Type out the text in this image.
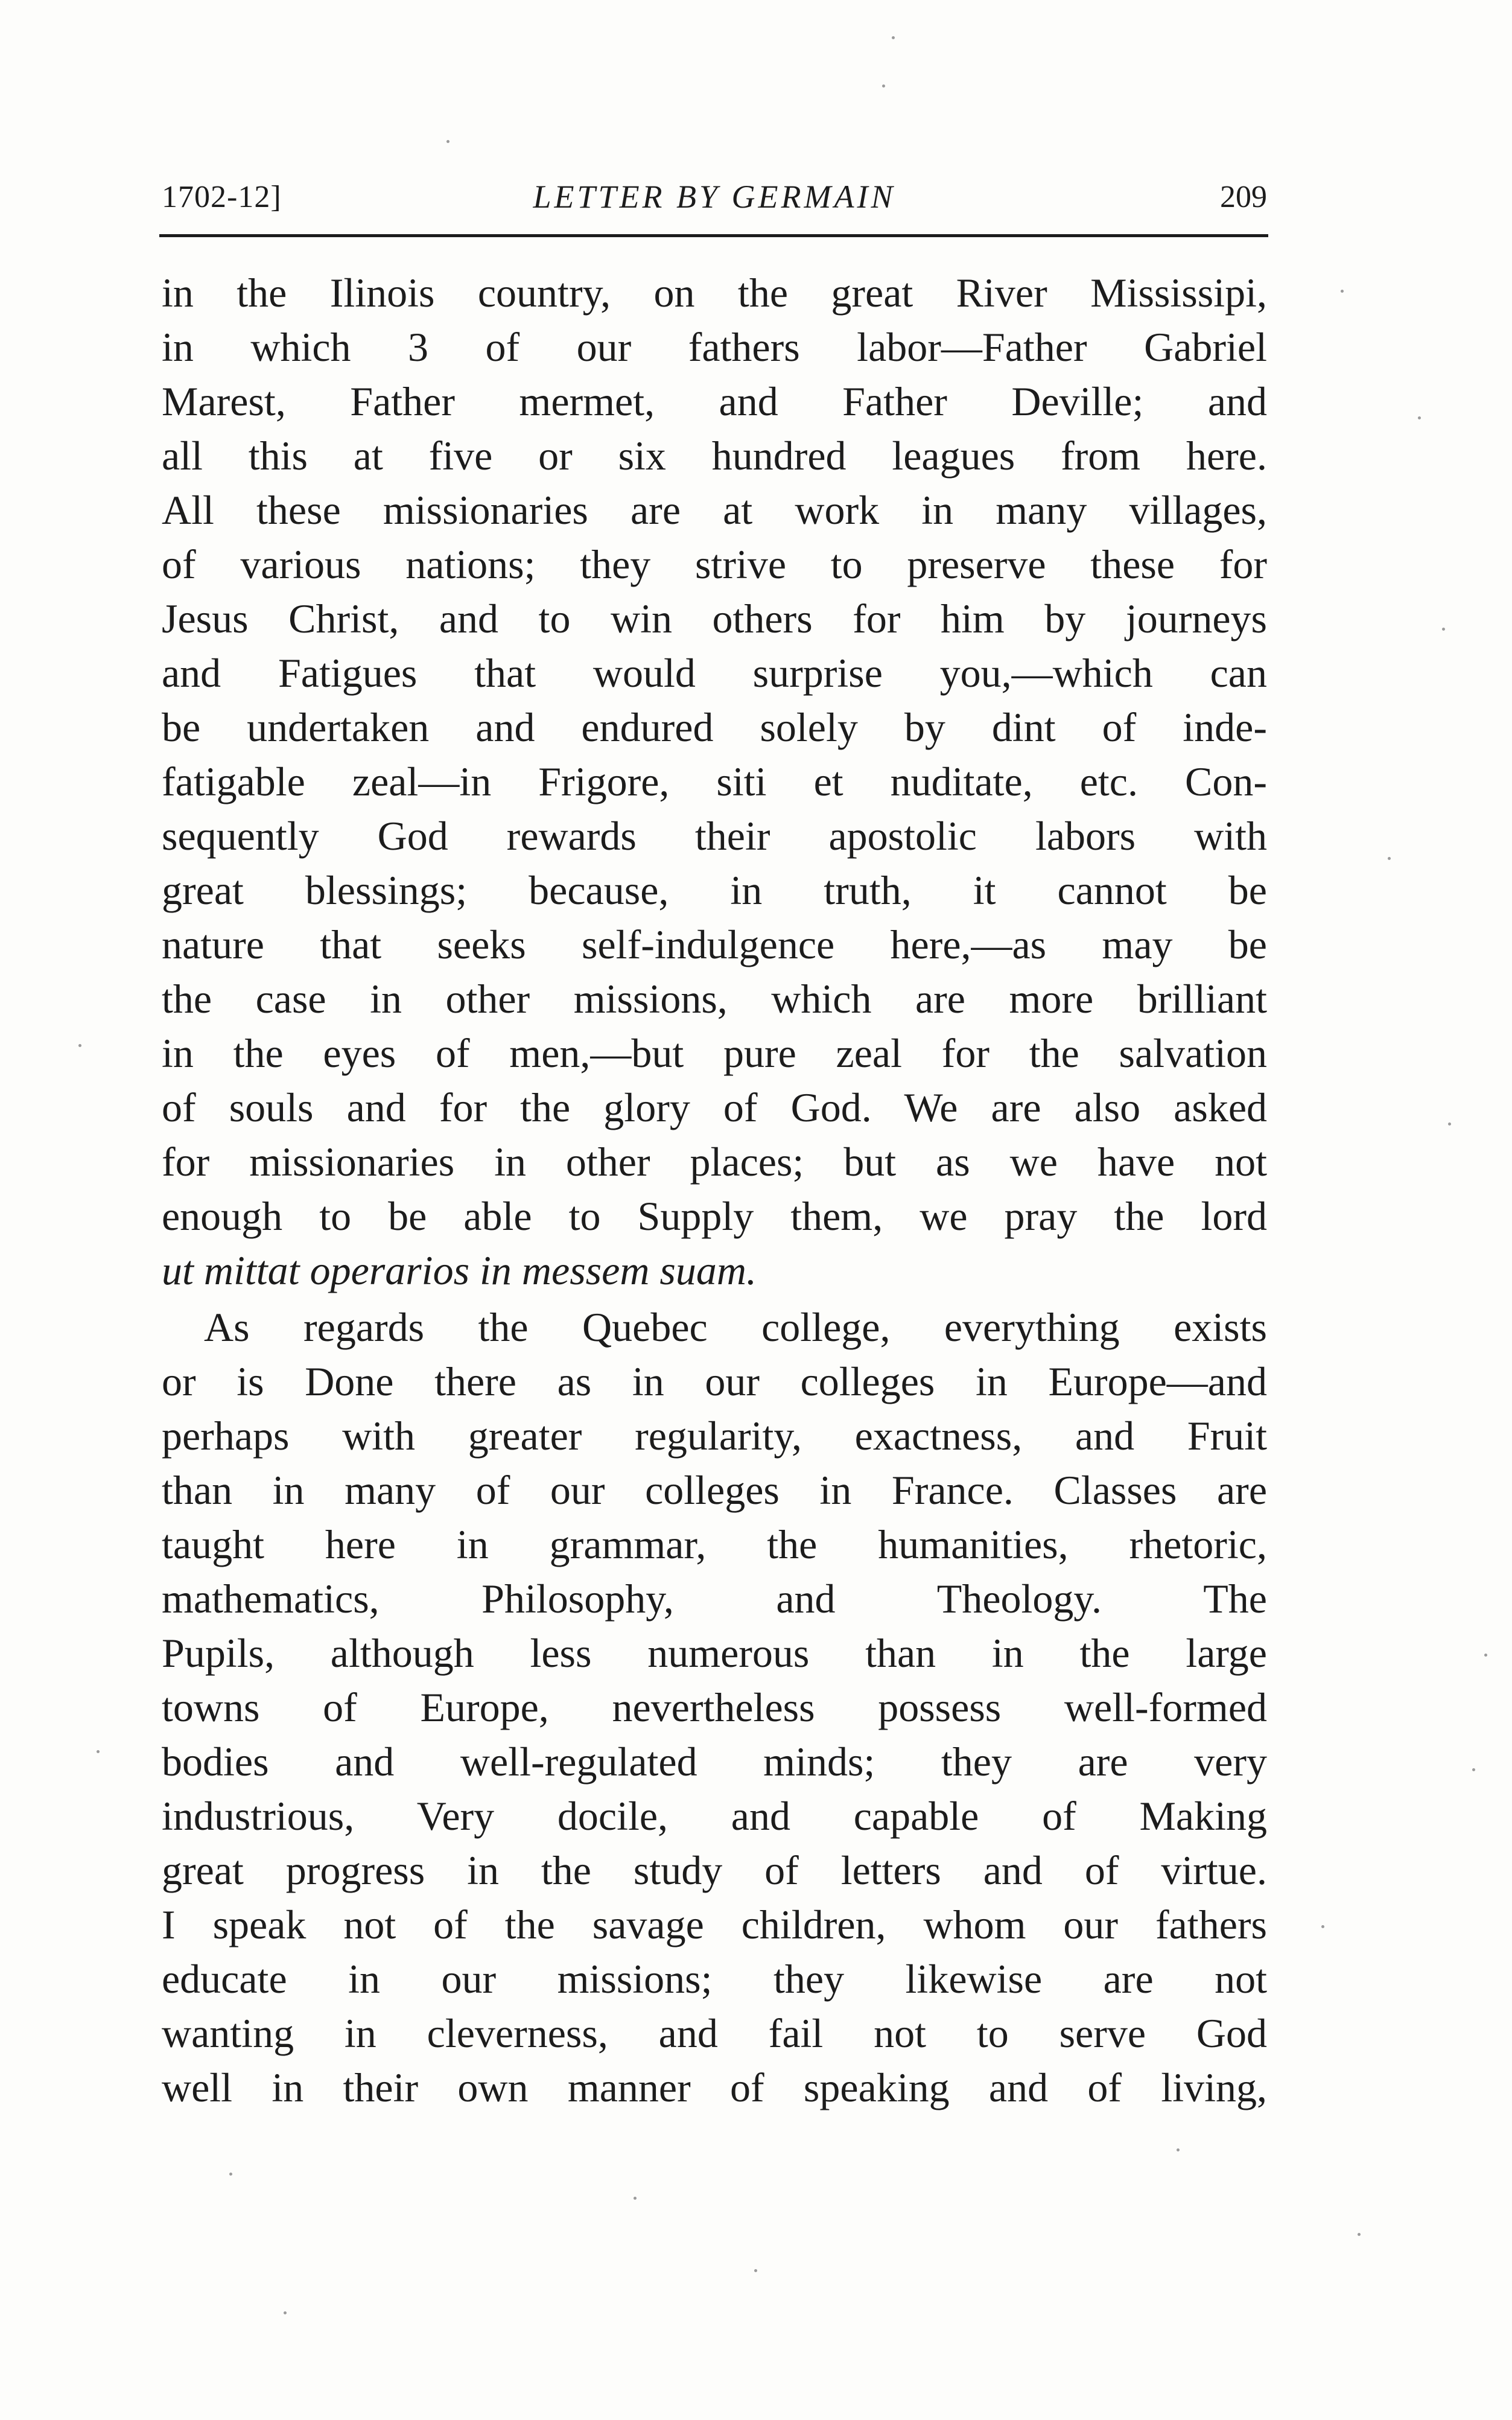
1702-12]	LETTER BY GERMAIN	209
in the Ilinois country, on the great River Mississipi,
in which 3 of our fathers labor—Father Gabriel
Marest, Father mermet, and Father Deville; and
all this at five or six hundred leagues from here.
All these missionaries are at work in many villages,
of various nations; they strive to preserve these for
Jesus Christ, and to win others for him by journeys
and Fatigues that would surprise you,—which can
be undertaken and endured solely by dint of inde-
fatigable zeal—in Frigore, siti et nuditate, etc. Con-
sequently God rewards their apostolic labors with
great blessings; because, in truth, it cannot be
nature that seeks self-indulgence here,—as may be
the case in other missions, which are more brilliant
in the eyes of men,—but pure zeal for the salvation
of souls and for the glory of God. We are also asked
for missionaries in other places; but as we have not
enough to be able to Supply them, we pray the lord
ut mittat operarios in messem suam.
As regards the Quebec college, everything exists
or is Done there as in our colleges in Europe—and
perhaps with greater regularity, exactness, and Fruit
than in many of our colleges in France. Classes are
taught here in grammar, the humanities, rhetoric,
mathematics, Philosophy, and Theology. The
Pupils, although less numerous than in the large
towns of Europe, nevertheless possess well-formed
bodies and well-regulated minds; they are very
industrious, Very docile, and capable of Making
great progress in the study of letters and of virtue.
I speak not of the savage children, whom our fathers
educate in our missions; they likewise are not
wanting in cleverness, and fail not to serve God
well in their own manner of speaking and of living,
